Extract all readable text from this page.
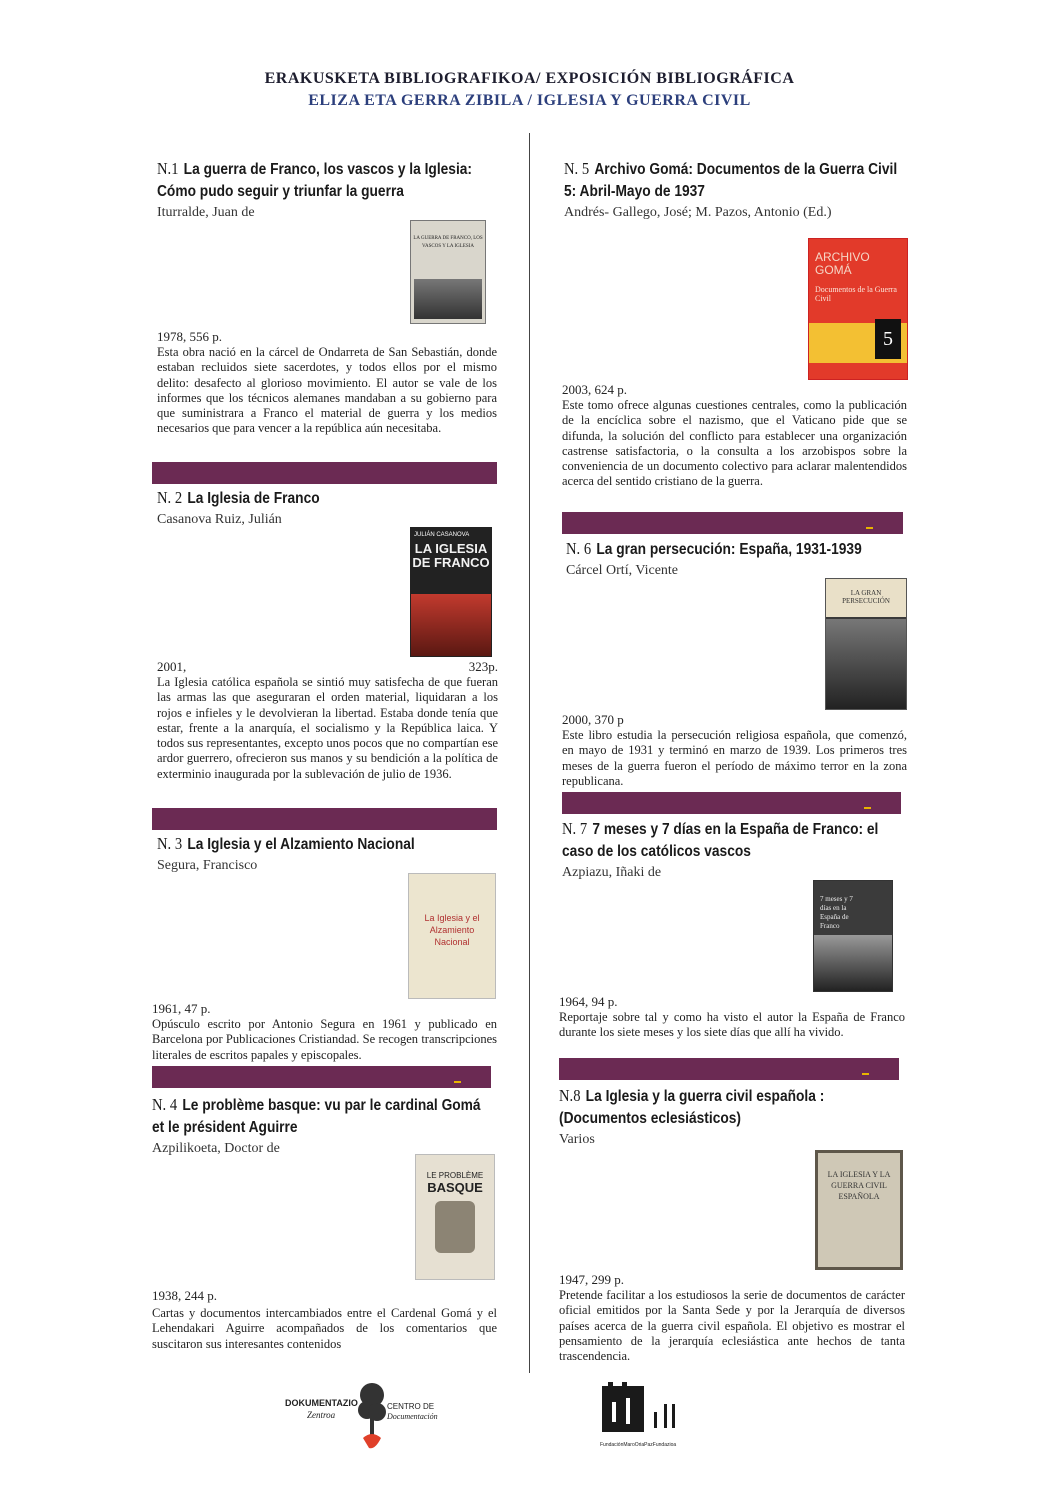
ERAKUSKETA BIBLIOGRAFIKOA/ EXPOSICIÓN BIBLIOGRÁFICA
ELIZA ETA GERRA ZIBILA / IGLESIA Y GUERRA CIVIL
N.1 La guerra de Franco, los vascos y la Iglesia: Cómo pudo seguir y triunfar la guerra
Iturralde, Juan de
LA GUERRA DE FRANCO, LOS VASCOS Y LA IGLESIA
1978, 556 p.
Esta obra nació en la cárcel de Ondarreta de San Sebastián, donde estaban recluidos siete sacerdotes, y todos ellos por el mismo delito: desafecto al glorioso movimiento. El autor se vale de los informes que los técnicos alemanes mandaban a su gobierno para que suministrara a Franco el material de guerra y los medios necesarios que para vencer a la república aún necesitaba.
N. 2 La Iglesia de Franco
Casanova Ruiz, Julián
JULIÁN CASANOVA
LA IGLESIA DE FRANCO
2001,	323p.
La Iglesia católica española se sintió muy satisfecha de que fueran las armas las que aseguraran el orden material, liquidaran a los rojos e infieles y le devolvieran la libertad. Estaba donde tenía que estar, frente a la anarquía, el socialismo y la República laica. Y todos sus representantes, excepto unos pocos que no compartían ese ardor guerrero, ofrecieron sus manos y su bendición a la política de exterminio inaugurada por la sublevación de julio de 1936.
N. 3 La Iglesia y el Alzamiento Nacional
Segura, Francisco
La Iglesia y el Alzamiento Nacional
1961, 47 p.
Opúsculo escrito por Antonio Segura en 1961 y publicado en Barcelona por Publicaciones Cristiandad. Se recogen transcripciones literales de escritos papales y episcopales.
N. 4 Le problème basque: vu par le cardinal Gomá et le président Aguirre
Azpilikoeta, Doctor de
LE PROBLÈME
BASQUE
1938, 244 p.
Cartas y documentos intercambiados entre el Cardenal Gomá y el Lehendakari Aguirre acompañados de los comentarios que suscitaron sus interesantes contenidos
N. 5 Archivo Gomá: Documentos de la Guerra Civil 5: Abril-Mayo de 1937
Andrés- Gallego, José; M. Pazos, Antonio (Ed.)
ARCHIVO GOMÁ
Documentos de la Guerra Civil
5
2003, 624 p.
Este tomo ofrece algunas cuestiones centrales, como la publicación de la encíclica sobre el nazismo, que el Vaticano pide que se difunda, la solución del conflicto para establecer una organización castrense satisfactoria, o la consulta a los arzobispos sobre la conveniencia de un documento colectivo para aclarar malentendidos acerca del sentido cristiano de la guerra.
N. 6 La gran persecución: España, 1931-1939
Cárcel Ortí, Vicente
LA GRAN PERSECUCIÓN
2000, 370 p
Este libro estudia la persecución religiosa española, que comenzó, en mayo de 1931 y terminó en marzo de 1939. Los primeros tres meses de la guerra fueron el período de máximo terror en la zona republicana.
N. 7 7 meses y 7 días en la España de Franco: el caso de los católicos vascos
Azpiazu, Iñaki de
7 meses y 7 días en la España de Franco
1964, 94 p.
Reportaje sobre tal y como ha visto el autor la España de Franco durante los siete meses y los siete días que allí ha vivido.
N.8 La Iglesia y la guerra civil española : (Documentos eclesiásticos)
Varios
LA IGLESIA Y LA GUERRA CIVIL ESPAÑOLA
1947, 299 p.
Pretende facilitar a los estudiosos la serie de documentos de carácter oficial emitidos por la Santa Sede y por la Jerarquía de diversos países acerca de la guerra civil española. El objetivo es mostrar el pensamiento de la jerarquía eclesiástica ante hechos de tanta trascendencia.
DOKUMENTAZIO
Zentroa
CENTRO DE
Documentación
FundaciónMaroOriaPazFundazioa
